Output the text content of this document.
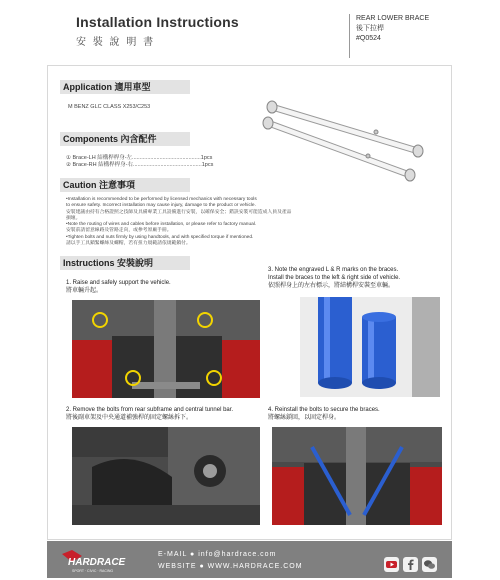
Installation Instructions
安 裝 說 明 書
REAR LOWER BRACE
後下拉桿
#Q0524
Application 適用車型
M BENZ GLC CLASS X253/C253
Components 內含配件
① Brace-LH 結構桿桿身-左.............................................1pcs
② Brace-RH 結構桿桿身-右.............................................1pcs
Caution 注意事項
•Installation is recommended to be performed by licensed mechanics with necessary tools
to ensure safety. Incorrect installation may cause injury, damage to the product or vehicle.
安裝建議由持有合格證照之技師及具備專業工具設備進行安裝，以確保安全；錯誤安裝可能造成人員及產品損壞。
•Note the routing of wires and cables before installation, or please refer to factory manual.
安裝前請留意線路及管路走向，或參考原廠手冊。
•Tighten bolts and nuts firmly by using handtools, and with specified torque if mentioned.
請以手工具鎖緊螺絲及螺帽，若有扭力規範請依規範鎖付。
Instructions 安裝說明
1. Raise and safely support the vehicle.
將車輛升起。
2. Remove the bolts from rear subframe and central tunnel bar.
將後副車架及中央通道補強桿的固定螺絲拆下。
3. Note the engraved L & R marks on the braces.
Install the braces to the left & right side of vehicle.
依照桿身上的左右標示，將結構桿安裝至車輛。
4. Reinstall the bolts to secure the braces.
將螺絲鎖回，以固定桿身。
HARDRACE
SPORT · CIVIC · RACING
E-MAIL ● info@hardrace.com
WEBSITE ● WWW.HARDRACE.COM
